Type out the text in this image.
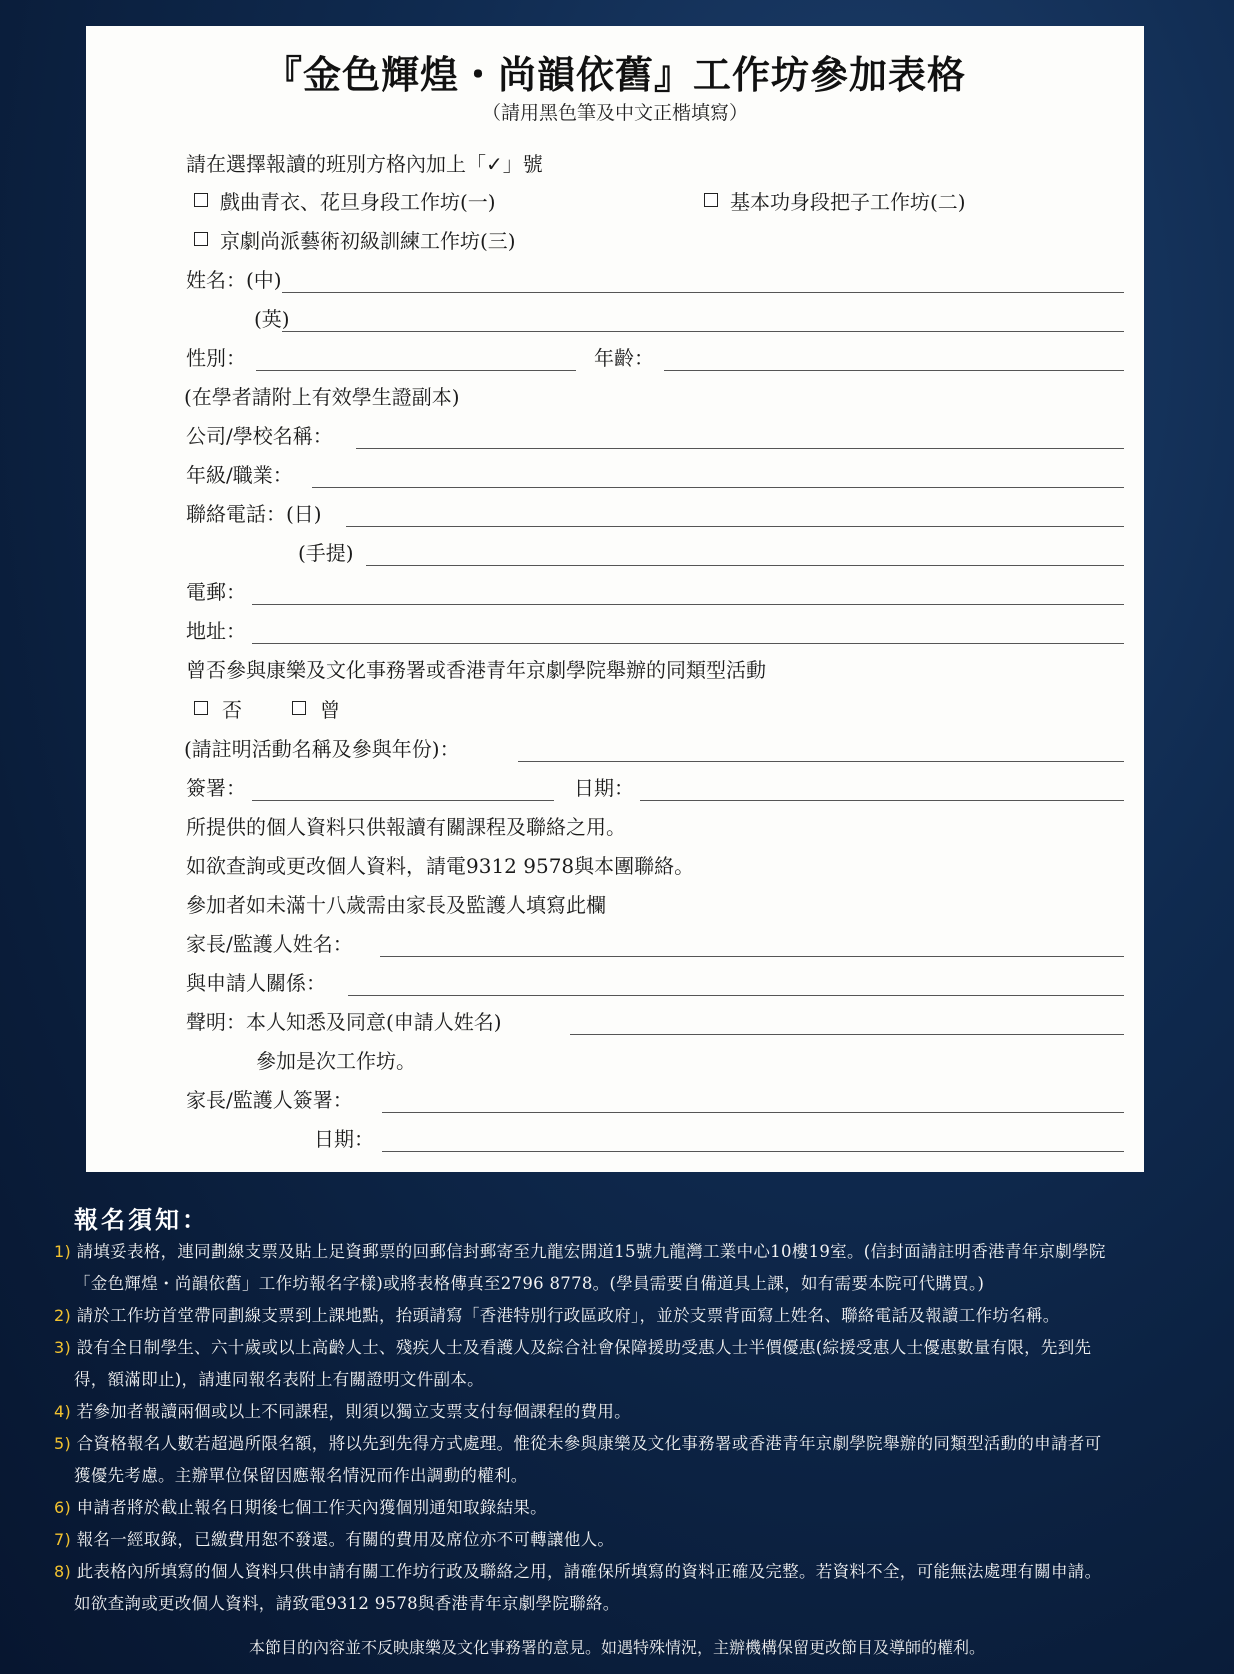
『金色輝煌・尚韻依舊』工作坊參加表格
（請用黑色筆及中文正楷填寫）
請在選擇報讀的班別方格內加上「✓」號
戲曲青衣、花旦身段工作坊(一)	基本功身段把子工作坊(二)
京劇尚派藝術初級訓練工作坊(三)
姓名：(中)
(英)
性別：	年齡：
(在學者請附上有效學生證副本)
公司/學校名稱：
年級/職業：
聯絡電話：(日)
(手提)
電郵：
地址：
曾否參與康樂及文化事務署或香港青年京劇學院舉辦的同類型活動
否	曾
(請註明活動名稱及參與年份)：
簽署：	日期：
所提供的個人資料只供報讀有關課程及聯絡之用。
如欲查詢或更改個人資料，請電9312 9578與本團聯絡。
參加者如未滿十八歲需由家長及監護人填寫此欄
家長/監護人姓名：
與申請人關係：
聲明：本人知悉及同意(申請人姓名)
參加是次工作坊。
家長/監護人簽署：
日期：
報名須知：
1) 請填妥表格，連同劃線支票及貼上足資郵票的回郵信封郵寄至九龍宏開道15號九龍灣工業中心10樓19室。(信封面請註明香港青年京劇學院
「金色輝煌・尚韻依舊」工作坊報名字樣)或將表格傳真至2796 8778。(學員需要自備道具上課，如有需要本院可代購買。)
2) 請於工作坊首堂帶同劃線支票到上課地點，抬頭請寫「香港特別行政區政府」，並於支票背面寫上姓名、聯絡電話及報讀工作坊名稱。
3) 設有全日制學生、六十歲或以上高齡人士、殘疾人士及看護人及綜合社會保障援助受惠人士半價優惠(綜援受惠人士優惠數量有限，先到先
得，額滿即止)，請連同報名表附上有關證明文件副本。
4) 若參加者報讀兩個或以上不同課程，則須以獨立支票支付每個課程的費用。
5) 合資格報名人數若超過所限名額，將以先到先得方式處理。惟從未參與康樂及文化事務署或香港青年京劇學院舉辦的同類型活動的申請者可
獲優先考慮。主辦單位保留因應報名情況而作出調動的權利。
6) 申請者將於截止報名日期後七個工作天內獲個別通知取錄結果。
7) 報名一經取錄，已繳費用恕不發還。有關的費用及席位亦不可轉讓他人。
8) 此表格內所填寫的個人資料只供申請有關工作坊行政及聯絡之用，請確保所填寫的資料正確及完整。若資料不全，可能無法處理有關申請。
如欲查詢或更改個人資料，請致電9312 9578與香港青年京劇學院聯絡。
本節目的內容並不反映康樂及文化事務署的意見。如遇特殊情況，主辦機構保留更改節目及導師的權利。
